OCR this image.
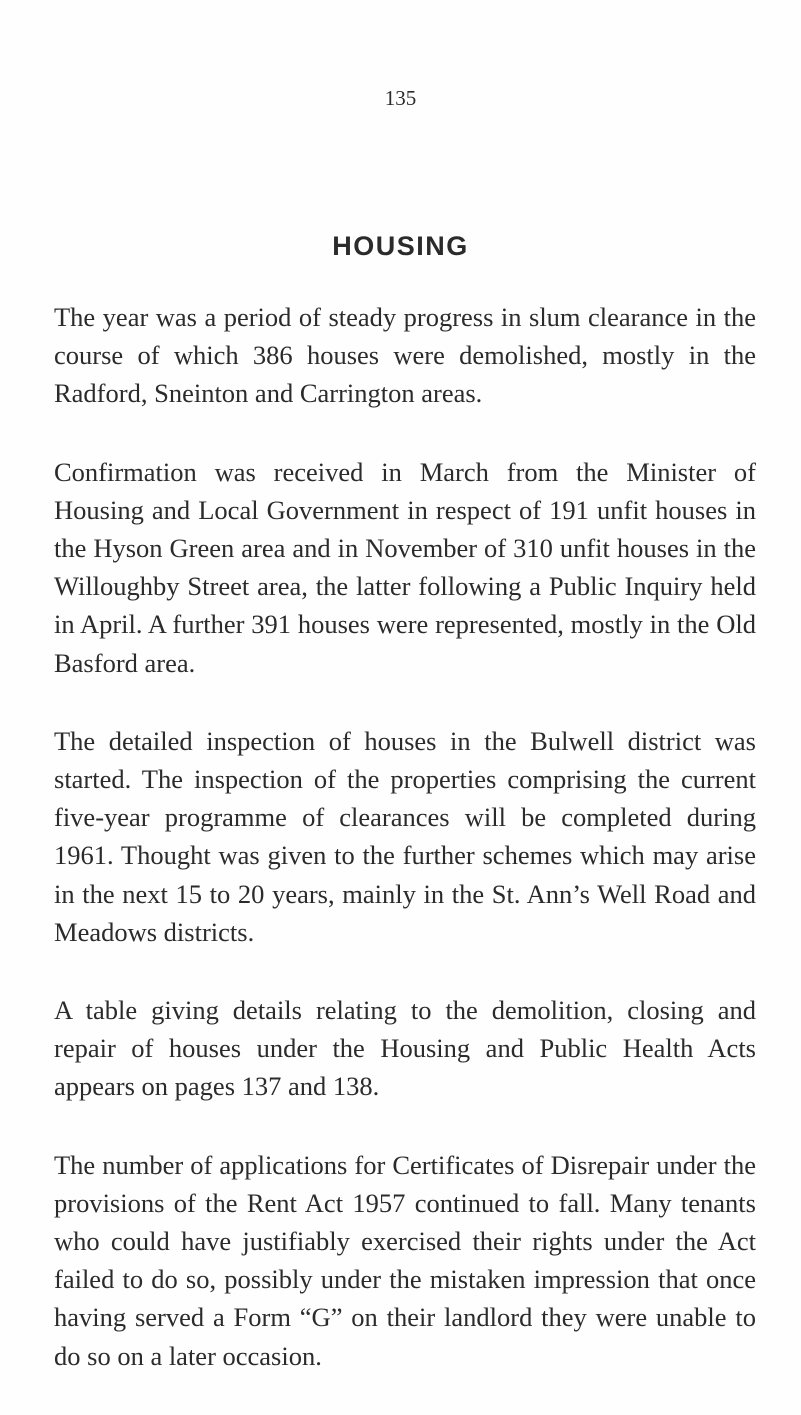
135
HOUSING

The year was a period of steady progress in slum clearance in the course of which 386 houses were demolished, mostly in the Radford, Sneinton and Carrington areas.

Confirmation was received in March from the Minister of Housing and Local Government in respect of 191 unfit houses in the Hyson Green area and in November of 310 unfit houses in the Willoughby Street area, the latter following a Public Inquiry held in April. A further 391 houses were represented, mostly in the Old Basford area.

The detailed inspection of houses in the Bulwell district was started. The inspection of the properties comprising the current five-year programme of clearances will be completed during 1961. Thought was given to the further schemes which may arise in the next 15 to 20 years, mainly in the St. Ann’s Well Road and Meadows districts.

A table giving details relating to the demolition, closing and repair of houses under the Housing and Public Health Acts appears on pages 137 and 138.

The number of applications for Certificates of Disrepair under the provisions of the Rent Act 1957 continued to fall. Many tenants who could have justifiably exercised their rights under the Act failed to do so, possibly under the mistaken impression that once having served a Form “G” on their landlord they were unable to do so on a later occasion.
